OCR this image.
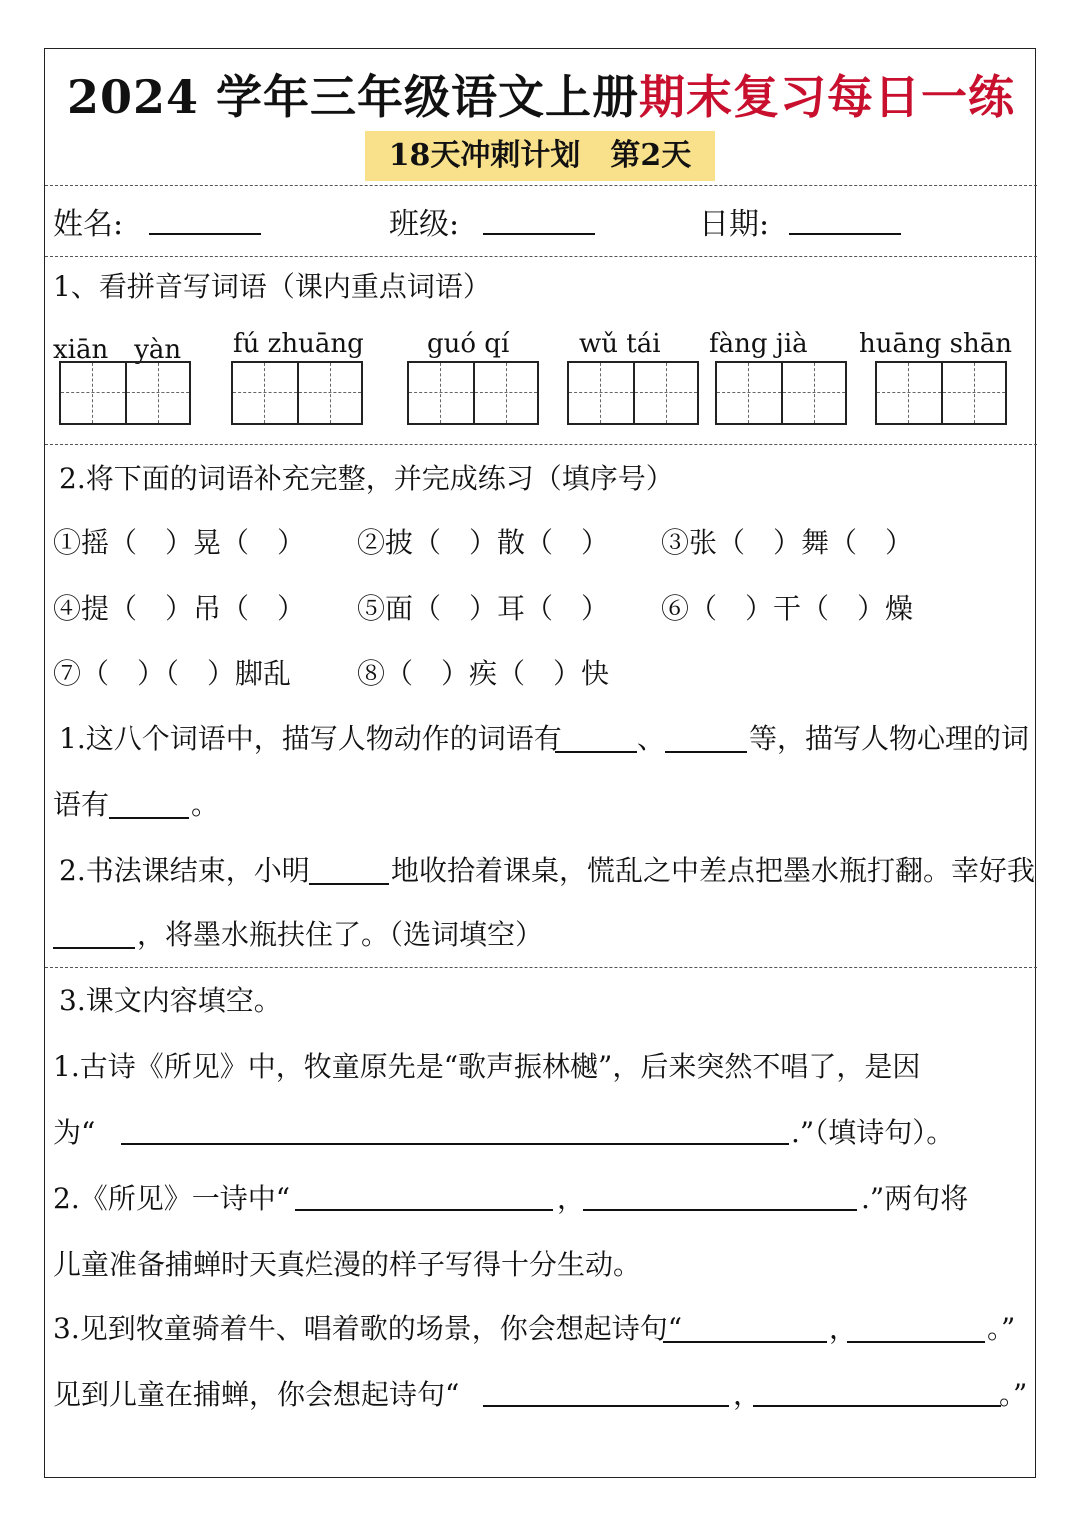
2024 学年三年级语文上册期末复习每日一练
18天冲刺计划　第2天
姓名:	班级:	日期:
1、看拼音写词语（课内重点词语）
xiān　yàn fú zhuāng guó qí	wǔ tái fàng jià huāng shān
2.将下面的词语补充完整，并完成练习（填序号）
①摇（　）晃（　） ②披（　）散（　） ③张（　）舞（　）
④提（　）吊（　） ⑤面（　）耳（　） ⑥（　）干（　）燥
⑦（　）（　）脚乱 ⑧（　）疾（　）快
1.这八个词语中，描写人物动作的词语有	、	等，描写人物心理的词
语有	。
2.书法课结束，小明	地收拾着课桌，慌乱之中差点把墨水瓶打翻。幸好我
，将墨水瓶扶住了。（选词填空）
3.课文内容填空。
1.古诗《所见》中，牧童原先是“歌声振林樾”，后来突然不唱了，是因
为“	.”（填诗句）。
2.《所见》一诗中“	，	.”两句将
儿童准备捕蝉时天真烂漫的样子写得十分生动。
3.见到牧童骑着牛、唱着歌的场景，你会想起诗句“	，	。”
见到儿童在捕蝉，你会想起诗句“	，	。”
